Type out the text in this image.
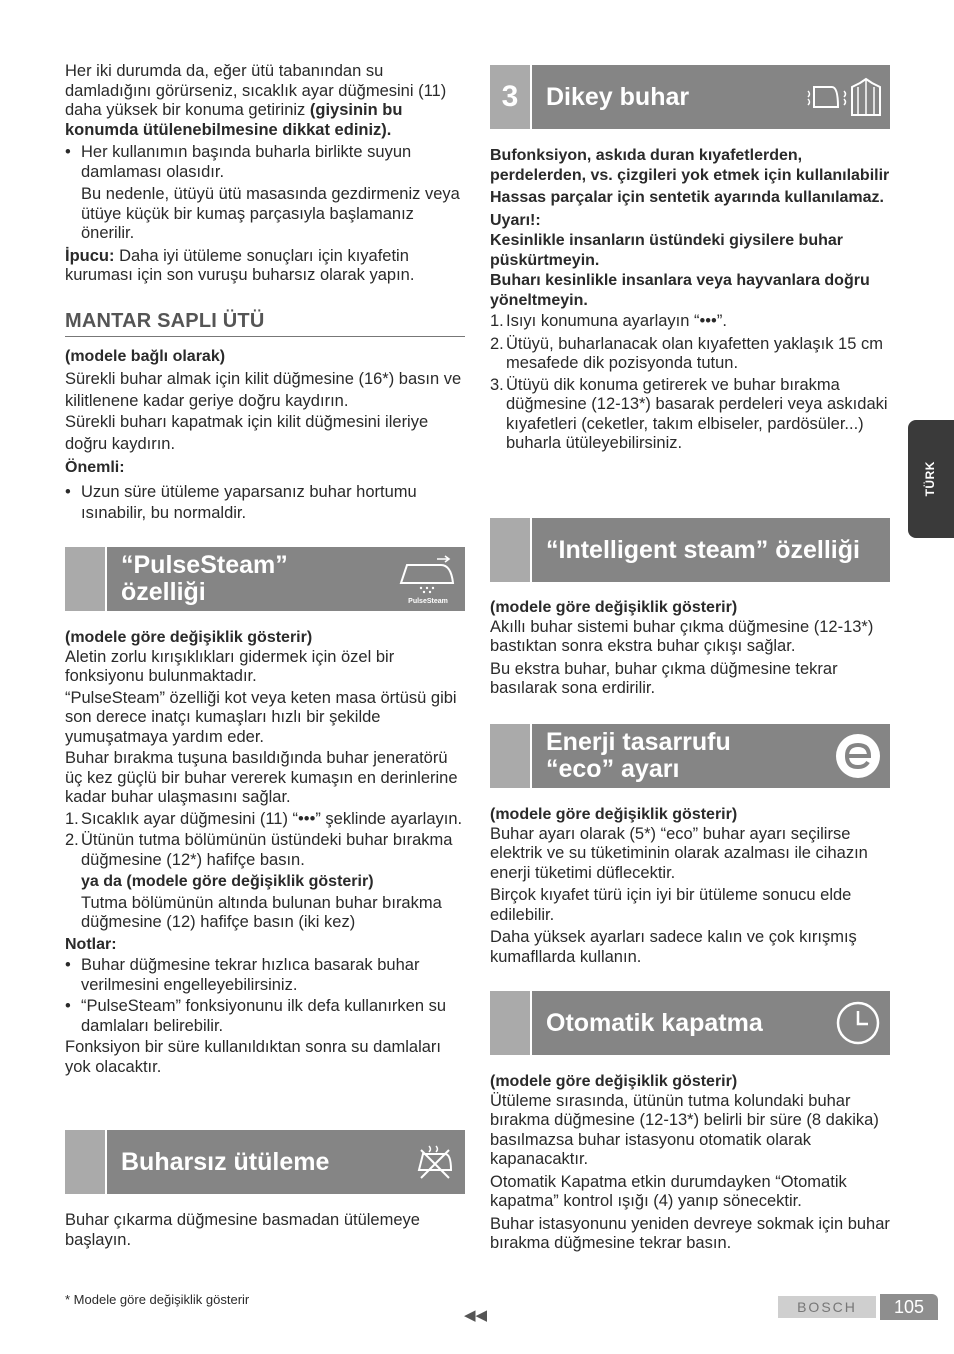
Her iki durumda da, eğer ütü tabanından su damladığını görürseniz, sıcaklık ayar düğmesini (11) daha yüksek bir konuma getiriniz (giysinin bu konumda ütülenebilmesine dikkat ediniz).

• Her kullanımın başında buharla birlikte suyun damlaması olasıdır.

Bu nedenle, ütüyü ütü masasında gezdirmeniz veya ütüye küçük bir kumaş parçasıyla başlamanız önerilir.

İpucu: Daha iyi ütüleme sonuçları için kıyafetin kuruması için son vuruşu buharsız olarak yapın.

MANTAR SAPLI ÜTÜ

(modele bağlı olarak)

Sürekli buhar almak için kilit düğmesine (16*) basın ve kilitlenene kadar geriye doğru kaydırın.

Sürekli buharı kapatmak için kilit düğmesini ileriye doğru kaydırın.

Önemli:

• Uzun süre ütüleme yaparsanız buhar hortumu ısınabilir, bu normaldir.

“PulseSteam”
özelliği	PulseSteam

(modele göre değişiklik gösterir)

Aletin zorlu kırışıklıkları gidermek için özel bir fonksiyonu bulunmaktadır.

“PulseSteam” özelliği kot veya keten masa örtüsü gibi son derece inatçı kumaşları hızlı bir şekilde yumuşatmaya yardım eder.

Buhar bırakma tuşuna basıldığında buhar jeneratörü üç kez güçlü bir buhar vererek kumaşın en derinlerine kadar buhar ulaşmasını sağlar.

1. Sıcaklık ayar düğmesini (11) “•••” şeklinde ayarlayın.

2. Ütünün tutma bölümünün üstündeki buhar bırakma düğmesine (12*) hafifçe basın.

ya da (modele göre değişiklik gösterir)

Tutma bölümünün altında bulunan buhar bırakma düğmesine (12) hafifçe basın (iki kez)

Notlar:

• Buhar düğmesine tekrar hızlıca basarak buhar verilmesini engelleyebilirsiniz.

• “PulseSteam” fonksiyonunu ilk defa kullanırken su damlaları belirebilir.

Fonksiyon bir süre kullanıldıktan sonra su damlaları yok olacaktır.

Buharsız ütüleme

Buhar çıkarma düğmesine basmadan ütülemeye başlayın.

3	Dikey buhar

Bufonksiyon, askıda duran kıyafetlerden, perdelerden, vs. çizgileri yok etmek için kullanılabilir

Hassas parçalar için sentetik ayarında kullanılamaz.

Uyarı!:

Kesinlikle insanların üstündeki giysilere buhar püskürtmeyin.

Buharı kesinlikle insanlara veya hayvanlara doğru yöneltmeyin.

1. Isıyı konumuna ayarlayın “•••”.

2. Ütüyü, buharlanacak olan kıyafetten yaklaşık 15 cm mesafede dik pozisyonda tutun.

3. Ütüyü dik konuma getirerek ve buhar bırakma düğmesine (12-13*) basarak perdeleri veya askıdaki kıyafetleri (ceketler, takım elbiseler, pardösüler...) buharla ütüleyebilirsiniz.

“Intelligent steam” özelliği

(modele göre değişiklik gösterir)

Akıllı buhar sistemi buhar çıkma düğmesine (12-13*) bastıktan sonra ekstra buhar çıkışı sağlar.

Bu ekstra buhar, buhar çıkma düğmesine tekrar basılarak sona erdirilir.

Enerji tasarrufu
“eco” ayarı

(modele göre değişiklik gösterir)

Buhar ayarı olarak (5*) “eco” buhar ayarı seçilirse elektrik ve su tüketiminin olarak azalması ile cihazın enerji tüketimi düflecektir.

Birçok kıyafet türü için iyi bir ütüleme sonucu elde edilebilir.

Daha yüksek ayarları sadece kalın ve çok kırışmış kumafllarda kullanın.

Otomatik kapatma

(modele göre değişiklik gösterir)

Ütüleme sırasında, ütünün tutma kolundaki buhar bırakma düğmesine (12-13*) belirli bir süre (8 dakika) basılmazsa buhar istasyonu otomatik olarak kapanacaktır.

Otomatik Kapatma etkin durumdayken “Otomatik kapatma” kontrol ışığı (4) yanıp sönecektir.

Buhar istasyonunu yeniden devreye sokmak için buhar bırakma düğmesine tekrar basın.

TÜRK
* Modele göre değişiklik gösterir
◀◀	BOSCH	105
